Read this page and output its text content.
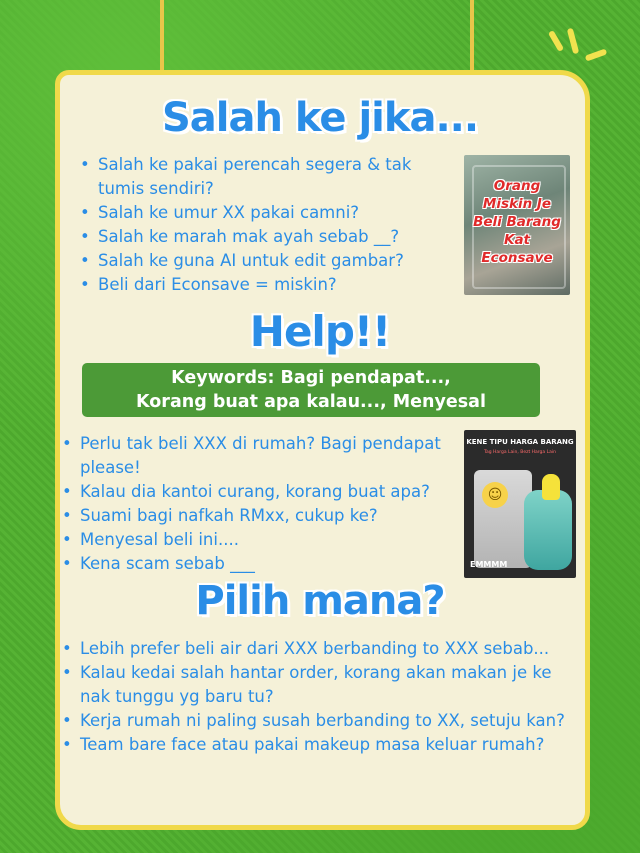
Salah ke jika...
• Salah ke pakai perencah segera & tak tumis sendiri?
• Salah ke umur XX pakai camni?
• Salah ke marah mak ayah sebab __?
• Salah ke guna AI untuk edit gambar?
• Beli dari Econsave = miskin?
Orang Miskin Je Beli Barang Kat Econsave
Help!!
Keywords: Bagi pendapat...,
Korang buat apa kalau..., Menyesal
• Perlu tak beli XXX di rumah? Bagi pendapat please!
• Kalau dia kantoi curang, korang buat apa?
• Suami bagi nafkah RMxx, cukup ke?
• Menyesal beli ini....
• Kena scam sebab ___
KENE TIPU HARGA BARANG
Tag Harga Lain, Bezt Harga Lain
☺
EMMMM
Pilih mana?
• Lebih prefer beli air dari XXX berbanding to XXX sebab...
• Kalau kedai salah hantar order, korang akan makan je ke nak tunggu yg baru tu?
• Kerja rumah ni paling susah berbanding to XX, setuju kan?
• Team bare face atau pakai makeup masa keluar rumah?
